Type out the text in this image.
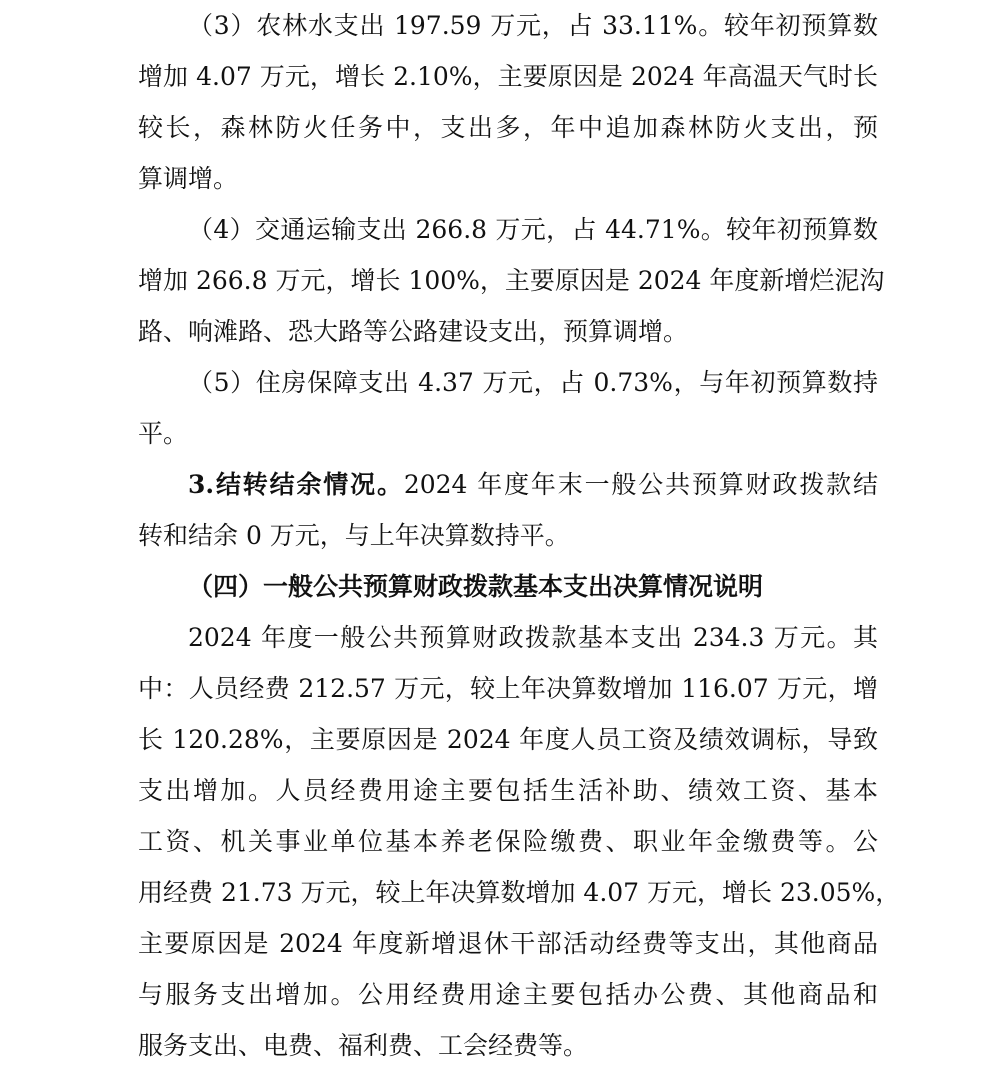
（3）农林水支出 197.59 万元，占 33.11%。较年初预算数
增加 4.07 万元，增长 2.10%，主要原因是 2024 年高温天气时长
较长，森林防火任务中，支出多，年中追加森林防火支出，预
算调增。
（4）交通运输支出 266.8 万元，占 44.71%。较年初预算数
增加 266.8 万元，增长 100%，主要原因是 2024 年度新增烂泥沟
路、响滩路、恐大路等公路建设支出，预算调增。
（5）住房保障支出 4.37 万元，占 0.73%，与年初预算数持
平。
3.结转结余情况。2024 年度年末一般公共预算财政拨款结
转和结余 0 万元，与上年决算数持平。
（四）一般公共预算财政拨款基本支出决算情况说明
2024 年度一般公共预算财政拨款基本支出 234.3 万元。其
中：人员经费 212.57 万元，较上年决算数增加 116.07 万元，增
长 120.28%，主要原因是 2024 年度人员工资及绩效调标，导致
支出增加。人员经费用途主要包括生活补助、绩效工资、基本
工资、机关事业单位基本养老保险缴费、职业年金缴费等。公
用经费 21.73 万元，较上年决算数增加 4.07 万元，增长 23.05%，
主要原因是 2024 年度新增退休干部活动经费等支出，其他商品
与服务支出增加。公用经费用途主要包括办公费、其他商品和
服务支出、电费、福利费、工会经费等。
